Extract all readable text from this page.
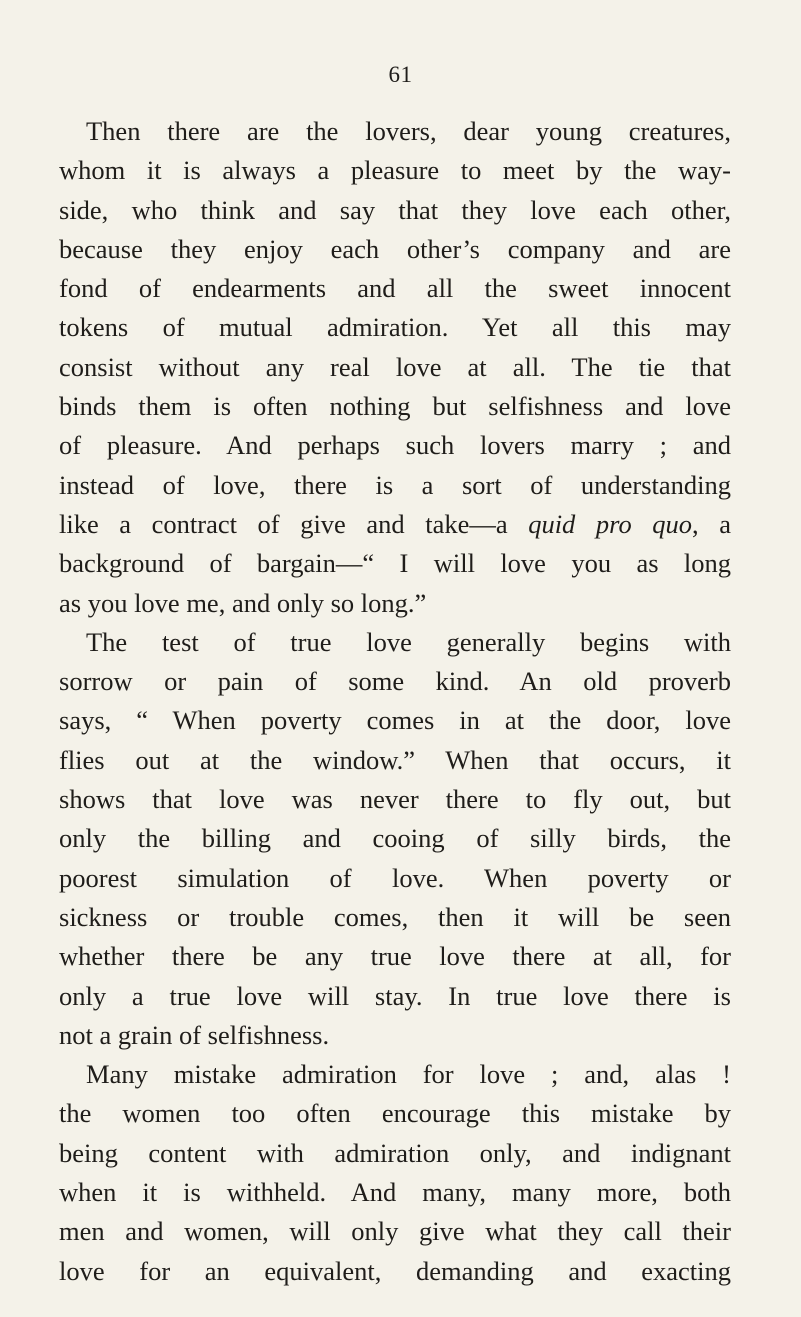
61
Then there are the lovers, dear young creatures,
whom it is always a pleasure to meet by the way-
side, who think and say that they love each other,
because they enjoy each other’s company and are
fond of endearments and all the sweet innocent
tokens of mutual admiration. Yet all this may
consist without any real love at all. The tie that
binds them is often nothing but selfishness and love
of pleasure. And perhaps such lovers marry ; and
instead of love, there is a sort of understanding
like a contract of give and take—a quid pro quo, a
background of bargain—“ I will love you as long
as you love me, and only so long.”
The test of true love generally begins with
sorrow or pain of some kind. An old proverb
says, “ When poverty comes in at the door, love
flies out at the window.” When that occurs, it
shows that love was never there to fly out, but
only the billing and cooing of silly birds, the
poorest simulation of love. When poverty or
sickness or trouble comes, then it will be seen
whether there be any true love there at all, for
only a true love will stay. In true love there is
not a grain of selfishness.
Many mistake admiration for love ; and, alas !
the women too often encourage this mistake by
being content with admiration only, and indignant
when it is withheld. And many, many more, both
men and women, will only give what they call their
love for an equivalent, demanding and exacting
